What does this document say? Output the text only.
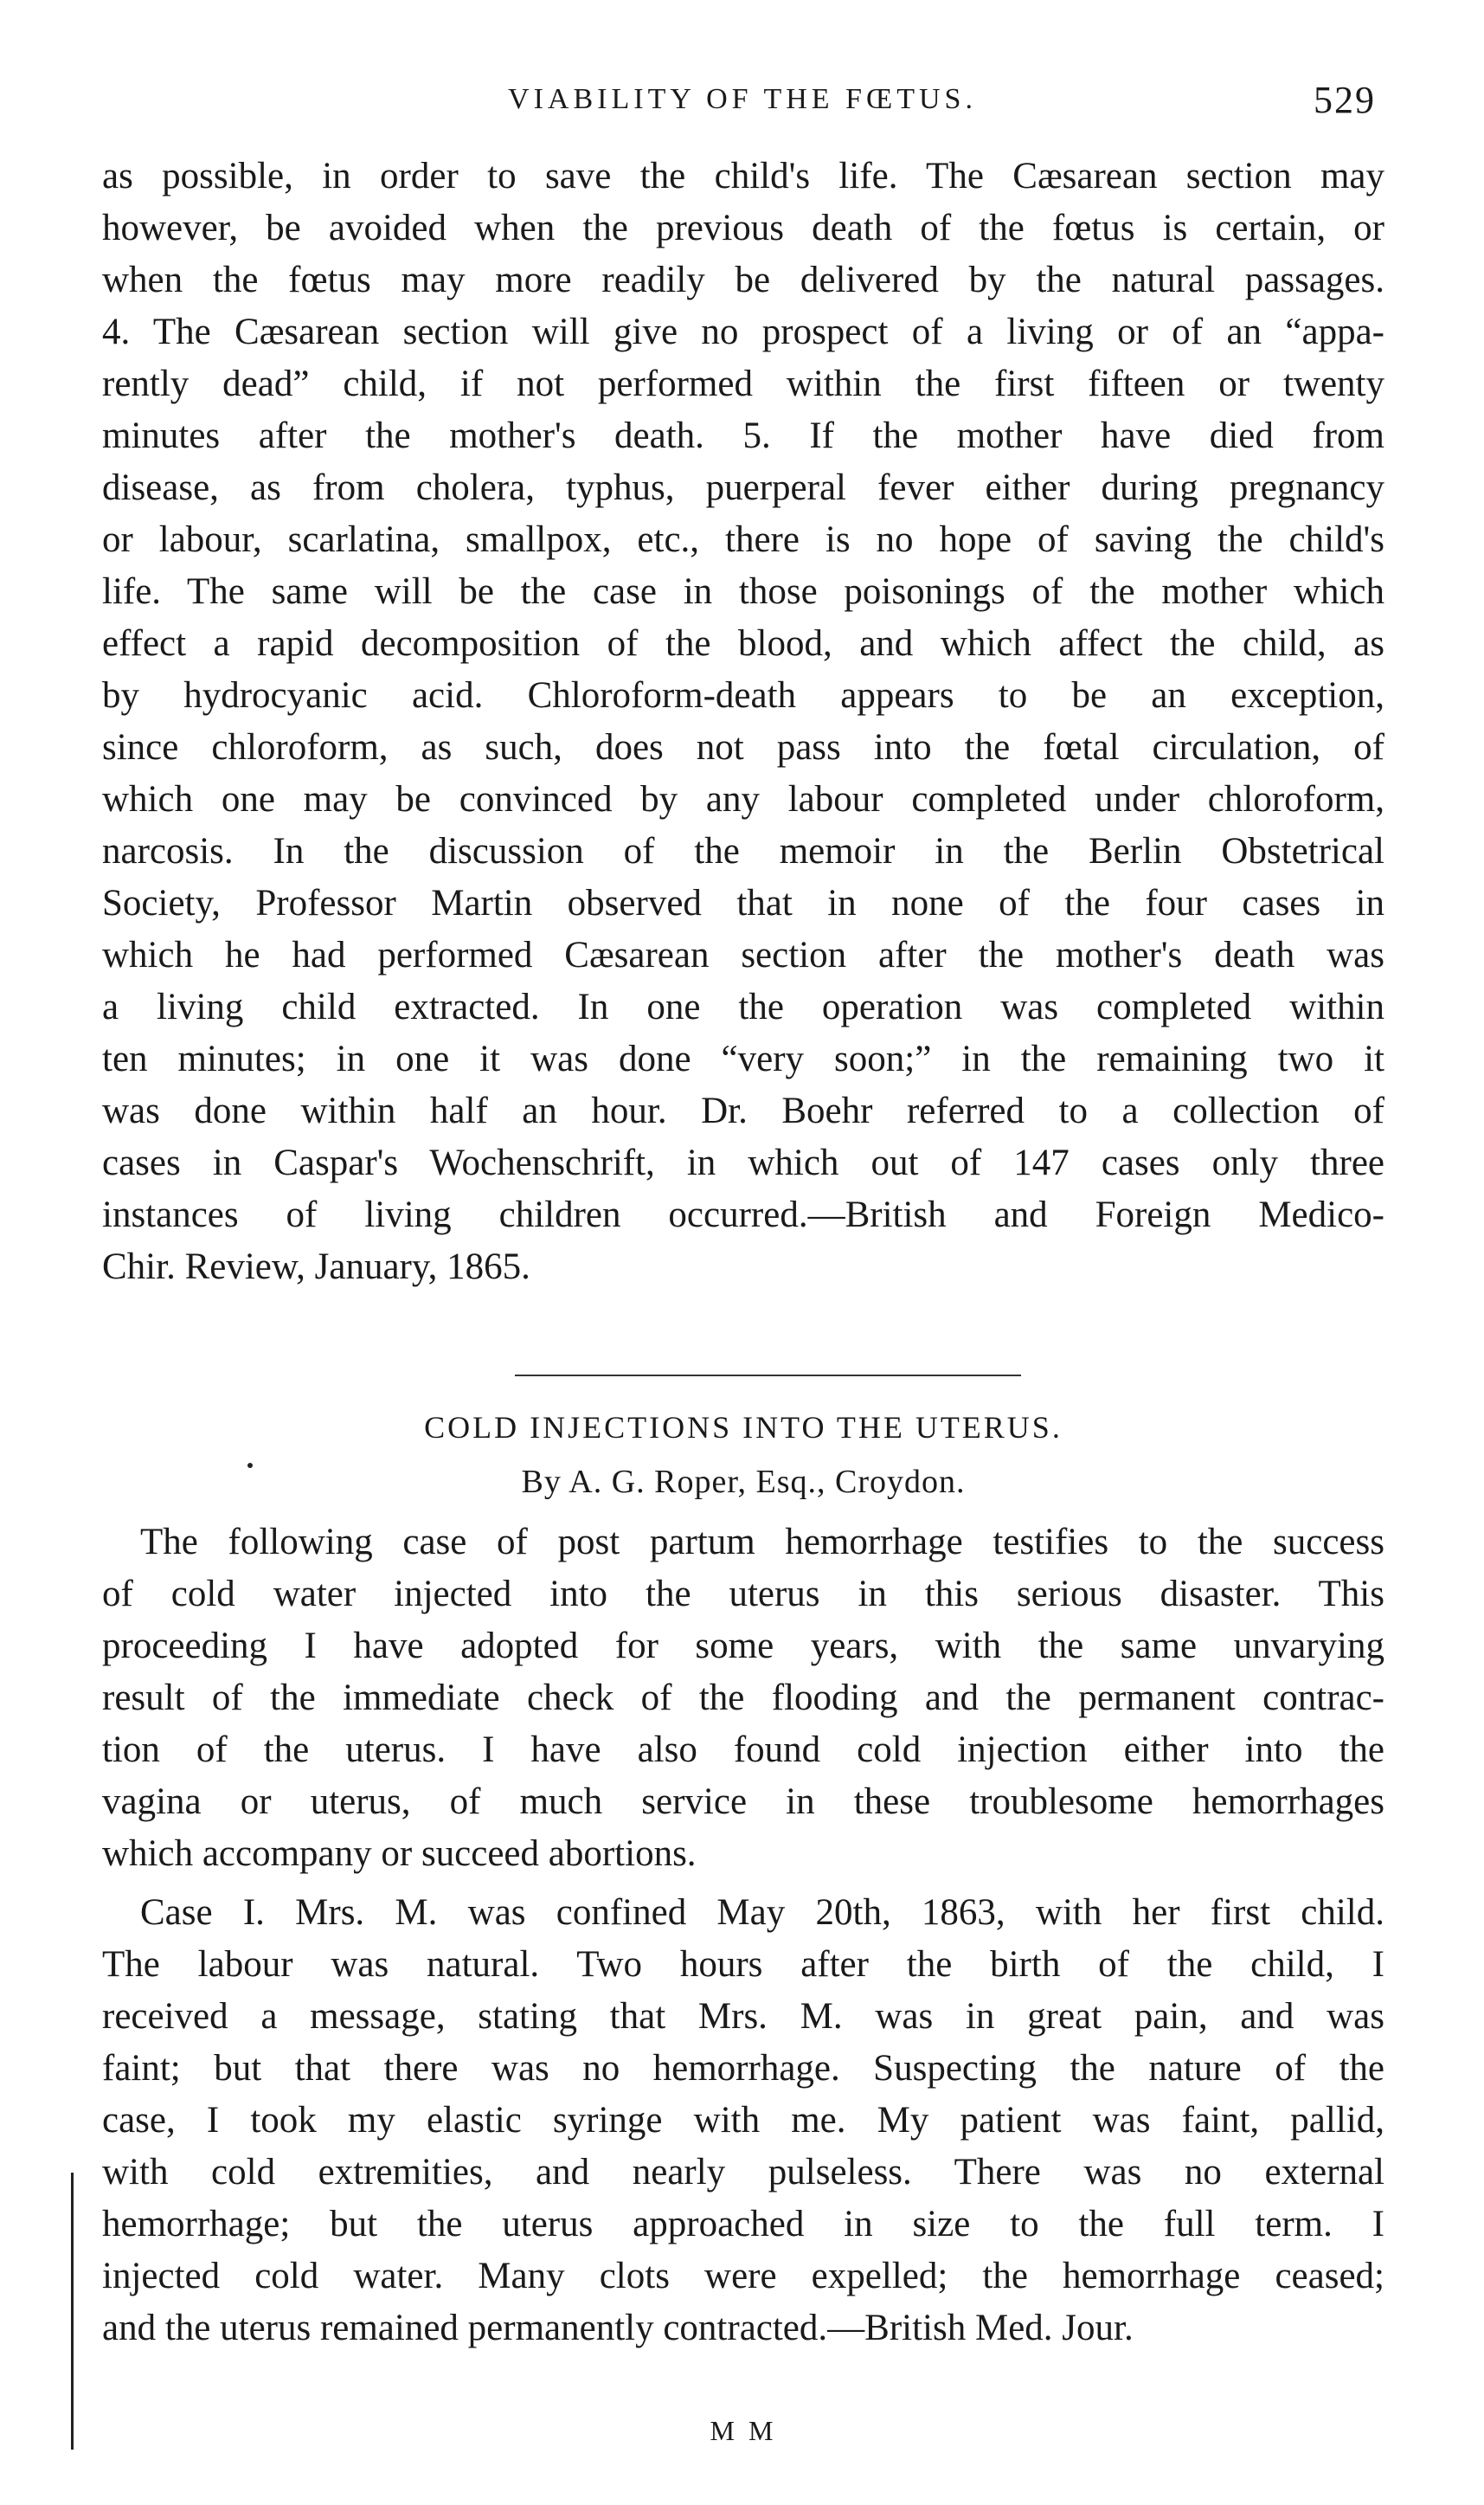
VIABILITY OF THE FŒTUS.	529
as possible, in order to save the child's life. The Cæsarean section may
however, be avoided when the previous death of the fœtus is certain, or
when the fœtus may more readily be delivered by the natural passages.
4. The Cæsarean section will give no prospect of a living or of an “appa-
rently dead” child, if not performed within the first fifteen or twenty
minutes after the mother's death. 5. If the mother have died from
disease, as from cholera, typhus, puerperal fever either during pregnancy
or labour, scarlatina, smallpox, etc., there is no hope of saving the child's
life. The same will be the case in those poisonings of the mother which
effect a rapid decomposition of the blood, and which affect the child, as
by hydrocyanic acid. Chloroform-death appears to be an exception,
since chloroform, as such, does not pass into the fœtal circulation, of
which one may be convinced by any labour completed under chloroform,
narcosis. In the discussion of the memoir in the Berlin Obstetrical
Society, Professor Martin observed that in none of the four cases in
which he had performed Cæsarean section after the mother's death was
a living child extracted. In one the operation was completed within
ten minutes; in one it was done “very soon;” in the remaining two it
was done within half an hour. Dr. Boehr referred to a collection of
cases in Caspar's Wochenschrift, in which out of 147 cases only three
instances of living children occurred.—British and Foreign Medico-
Chir. Review, January, 1865.
COLD INJECTIONS INTO THE UTERUS.
By A. G. Roper, Esq., Croydon.
The following case of post partum hemorrhage testifies to the success
of cold water injected into the uterus in this serious disaster. This
proceeding I have adopted for some years, with the same unvarying
result of the immediate check of the flooding and the permanent contrac-
tion of the uterus. I have also found cold injection either into the
vagina or uterus, of much service in these troublesome hemorrhages
which accompany or succeed abortions.
Case I. Mrs. M. was confined May 20th, 1863, with her first child.
The labour was natural. Two hours after the birth of the child, I
received a message, stating that Mrs. M. was in great pain, and was
faint; but that there was no hemorrhage. Suspecting the nature of the
case, I took my elastic syringe with me. My patient was faint, pallid,
with cold extremities, and nearly pulseless. There was no external
hemorrhage; but the uterus approached in size to the full term. I
injected cold water. Many clots were expelled; the hemorrhage ceased;
and the uterus remained permanently contracted.—British Med. Jour.
M M
